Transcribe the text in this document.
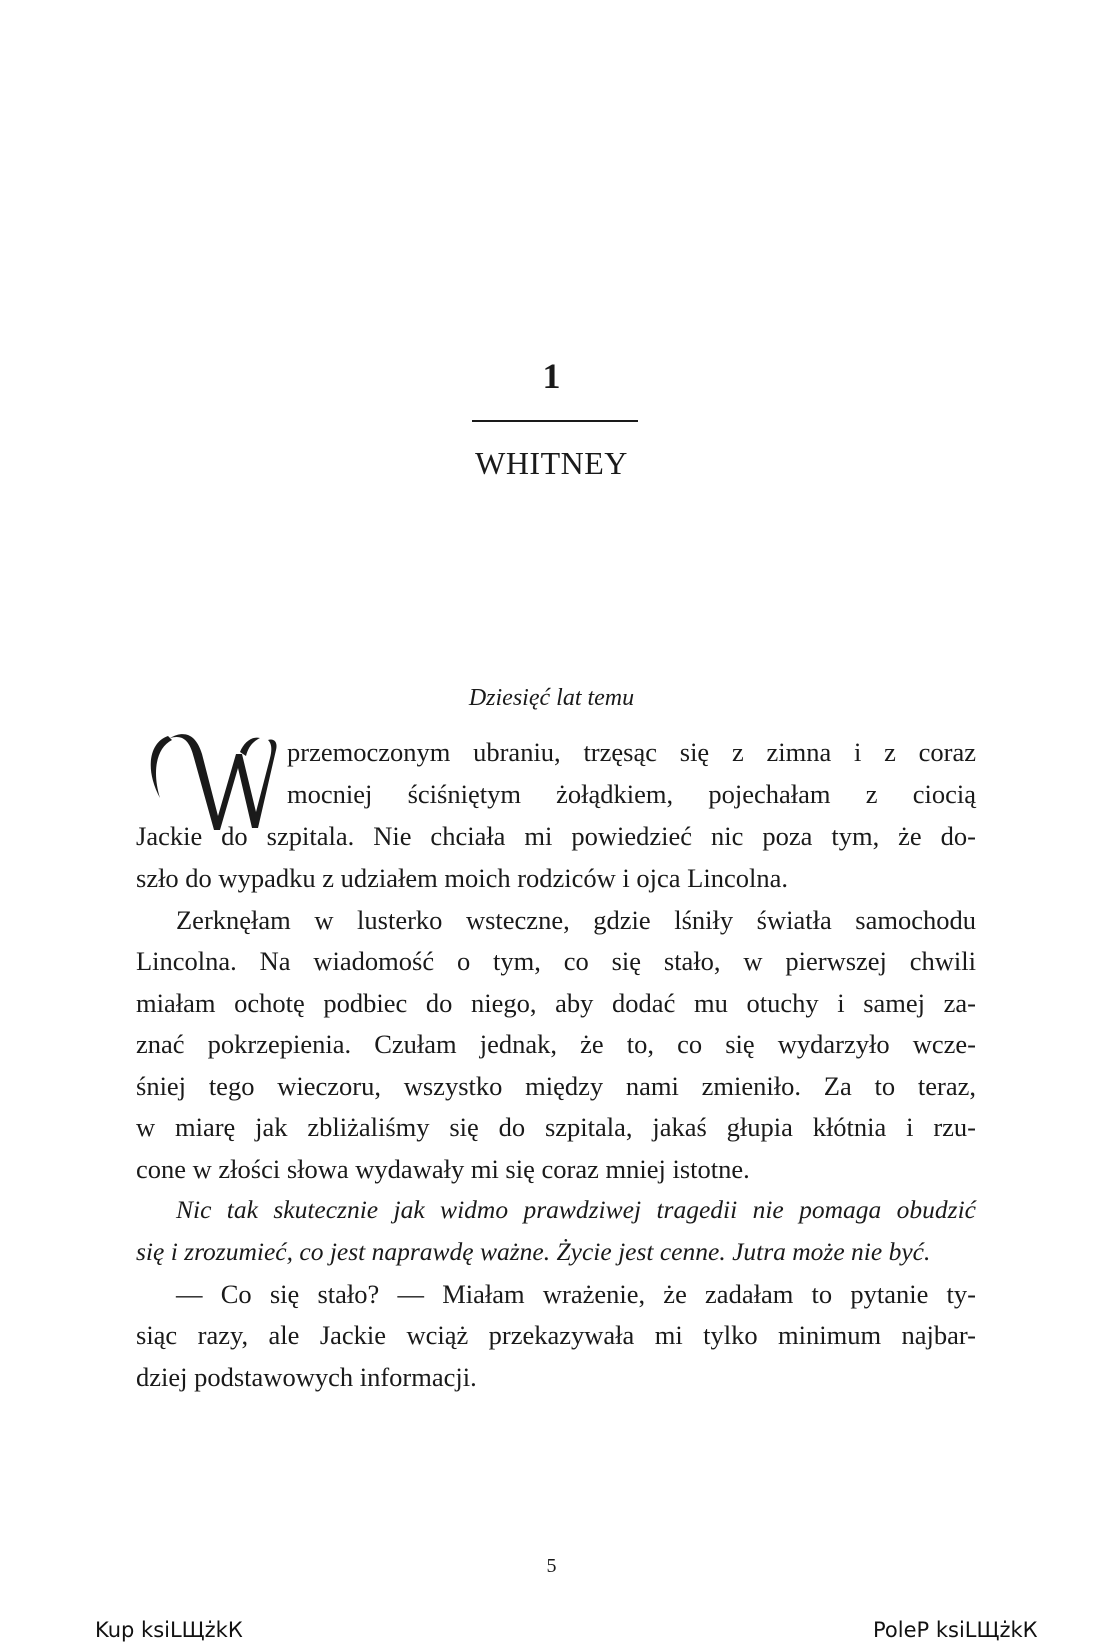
1
WHITNEY
Dziesięć lat temu
przemoczonym ubraniu, trzęsąc się z zimna i z coraz
mocniej ściśniętym żołądkiem, pojechałam z ciocią
Jackie do szpitala. Nie chciała mi powiedzieć nic poza tym, że do-
szło do wypadku z udziałem moich rodziców i ojca Lincolna.
Zerknęłam w lusterko wsteczne, gdzie lśniły światła samochodu
Lincolna. Na wiadomość o tym, co się stało, w pierwszej chwili
miałam ochotę podbiec do niego, aby dodać mu otuchy i samej za-
znać pokrzepienia. Czułam jednak, że to, co się wydarzyło wcze-
śniej tego wieczoru, wszystko między nami zmieniło. Za to teraz,
w miarę jak zbliżaliśmy się do szpitala, jakaś głupia kłótnia i rzu-
cone w złości słowa wydawały mi się coraz mniej istotne.
Nic tak skutecznie jak widmo prawdziwej tragedii nie pomaga obudzić
się i zrozumieć, co jest naprawdę ważne. Życie jest cenne. Jutra może nie być.
— Co się stało? — Miałam wrażenie, że zadałam to pytanie ty-
siąc razy, ale Jackie wciąż przekazywała mi tylko minimum najbar-
dziej podstawowych informacji.
5
Kup ksiLЩżkК	PoleР ksiLЩżkК
